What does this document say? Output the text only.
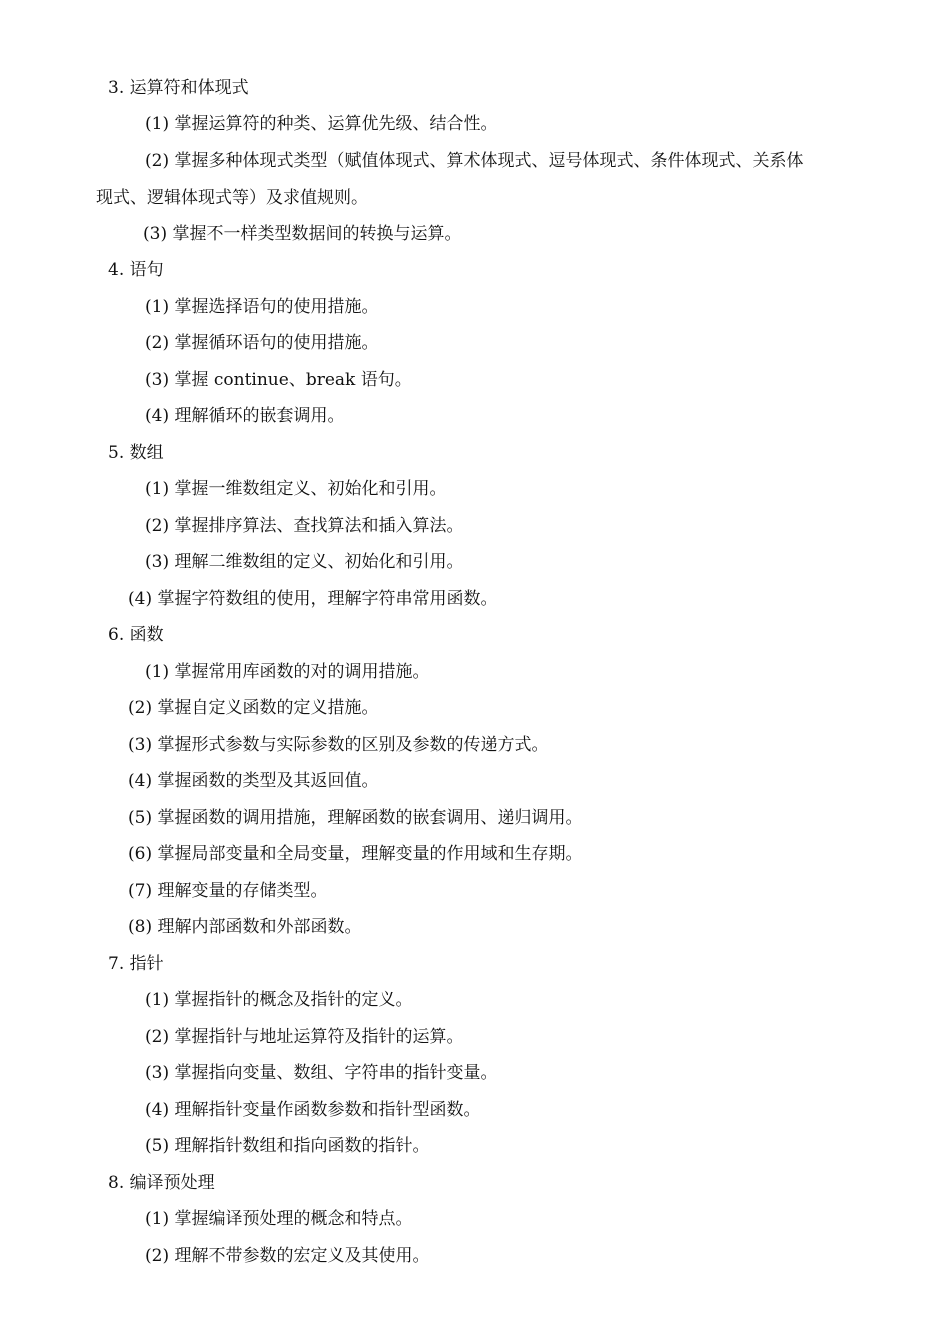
3. 运算符和体现式
(1) 掌握运算符的种类、运算优先级、结合性。
(2) 掌握多种体现式类型（赋值体现式、算术体现式、逗号体现式、条件体现式、关系体
现式、逻辑体现式等）及求值规则。
(3) 掌握不一样类型数据间的转换与运算。
4. 语句
(1) 掌握选择语句的使用措施。
(2) 掌握循环语句的使用措施。
(3) 掌握 continue、break 语句。
(4) 理解循环的嵌套调用。
5. 数组
(1) 掌握一维数组定义、初始化和引用。
(2) 掌握排序算法、查找算法和插入算法。
(3) 理解二维数组的定义、初始化和引用。
(4) 掌握字符数组的使用，理解字符串常用函数。
6. 函数
(1) 掌握常用库函数的对的调用措施。
(2) 掌握自定义函数的定义措施。
(3) 掌握形式参数与实际参数的区别及参数的传递方式。
(4) 掌握函数的类型及其返回值。
(5) 掌握函数的调用措施，理解函数的嵌套调用、递归调用。
(6) 掌握局部变量和全局变量，理解变量的作用域和生存期。
(7) 理解变量的存储类型。
(8) 理解内部函数和外部函数。
7. 指针
(1) 掌握指针的概念及指针的定义。
(2) 掌握指针与地址运算符及指针的运算。
(3) 掌握指向变量、数组、字符串的指针变量。
(4) 理解指针变量作函数参数和指针型函数。
(5) 理解指针数组和指向函数的指针。
8. 编译预处理
(1) 掌握编译预处理的概念和特点。
(2) 理解不带参数的宏定义及其使用。
